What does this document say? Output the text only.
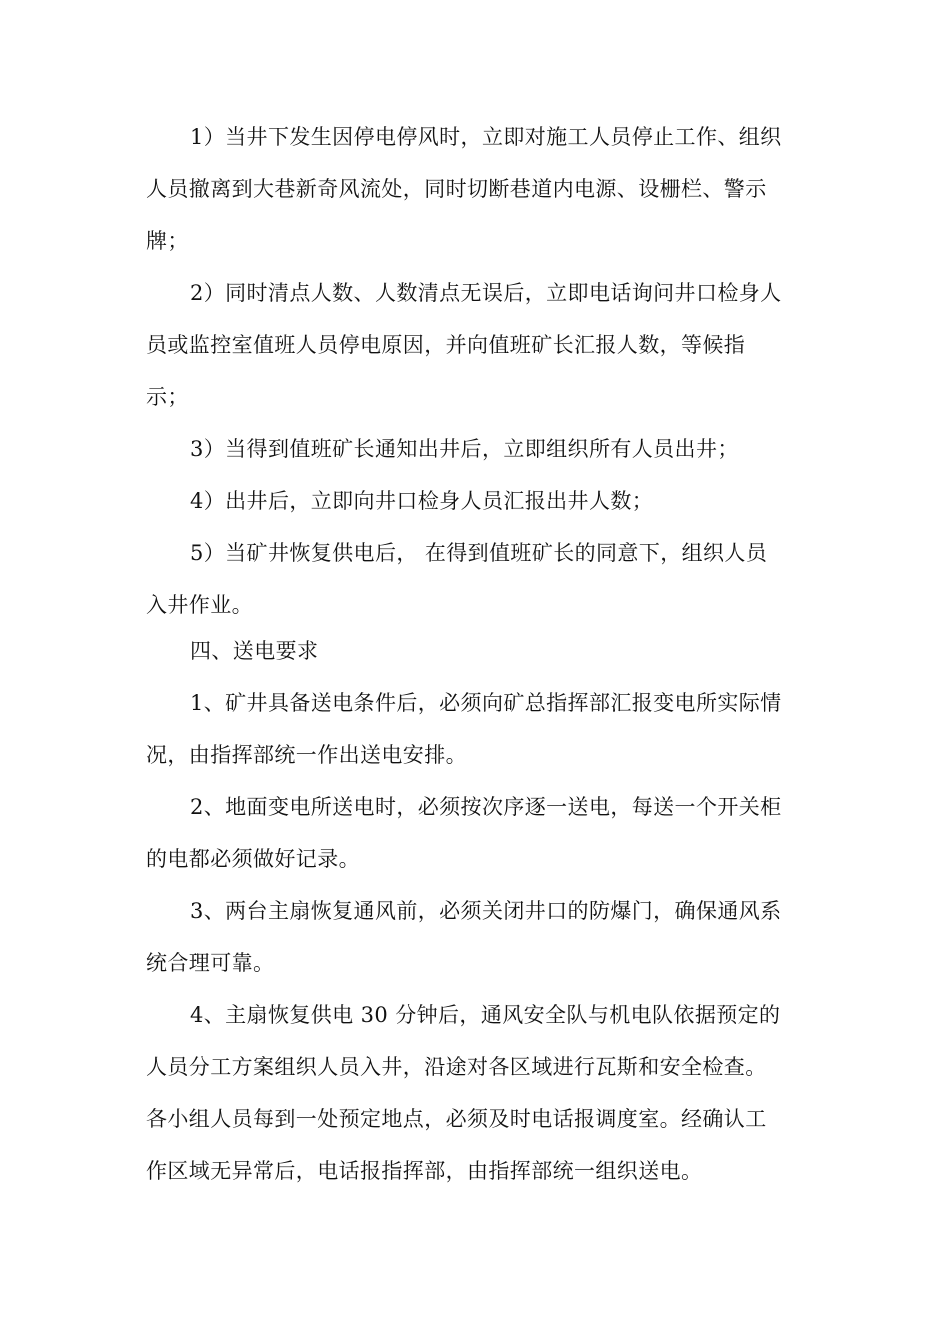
1）当井下发生因停电停风时，立即对施工人员停止工作、组织
人员撤离到大巷新奇风流处，同时切断巷道内电源、设栅栏、警示
牌；
2）同时清点人数、人数清点无误后，立即电话询问井口检身人
员或监控室值班人员停电原因，并向值班矿长汇报人数，等候指
示；
3）当得到值班矿长通知出井后，立即组织所有人员出井；
4）出井后，立即向井口检身人员汇报出井人数；
5）当矿井恢复供电后， 在得到值班矿长的同意下，组织人员
入井作业。
四、送电要求
1、矿井具备送电条件后，必须向矿总指挥部汇报变电所实际情
况，由指挥部统一作出送电安排。
2、地面变电所送电时，必须按次序逐一送电，每送一个开关柜
的电都必须做好记录。
3、两台主扇恢复通风前，必须关闭井口的防爆门，确保通风系
统合理可靠。
4、主扇恢复供电 30 分钟后，通风安全队与机电队依据预定的
人员分工方案组织人员入井，沿途对各区域进行瓦斯和安全检查。
各小组人员每到一处预定地点，必须及时电话报调度室。经确认工
作区域无异常后，电话报指挥部，由指挥部统一组织送电。
